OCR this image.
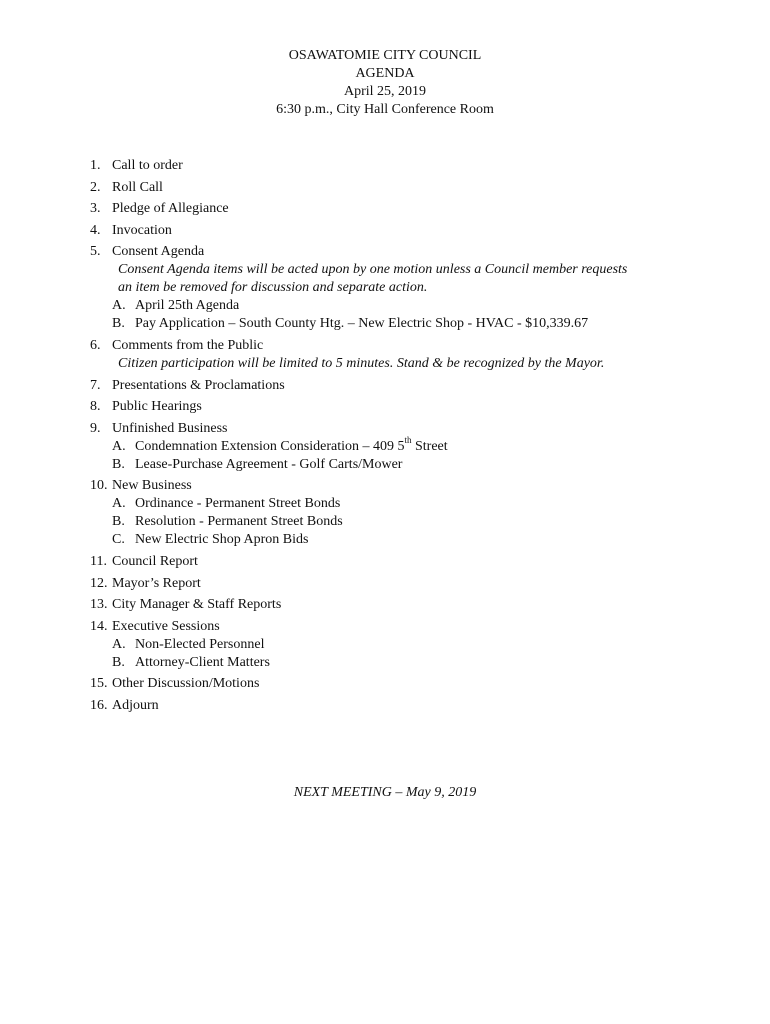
OSAWATOMIE CITY COUNCIL
AGENDA
April 25, 2019
6:30 p.m., City Hall Conference Room
1. Call to order
2. Roll Call
3. Pledge of Allegiance
4. Invocation
5. Consent Agenda
Consent Agenda items will be acted upon by one motion unless a Council member requests
an item be removed for discussion and separate action.
A. April 25th Agenda
B. Pay Application – South County Htg. – New Electric Shop - HVAC - $10,339.67
6. Comments from the Public
Citizen participation will be limited to 5 minutes. Stand & be recognized by the Mayor.
7. Presentations & Proclamations
8. Public Hearings
9. Unfinished Business
A. Condemnation Extension Consideration – 409 5th Street
B. Lease-Purchase Agreement - Golf Carts/Mower
10. New Business
A. Ordinance - Permanent Street Bonds
B. Resolution - Permanent Street Bonds
C. New Electric Shop Apron Bids
11. Council Report
12. Mayor’s Report
13. City Manager & Staff Reports
14. Executive Sessions
A. Non-Elected Personnel
B. Attorney-Client Matters
15. Other Discussion/Motions
16. Adjourn
NEXT MEETING – May 9, 2019
